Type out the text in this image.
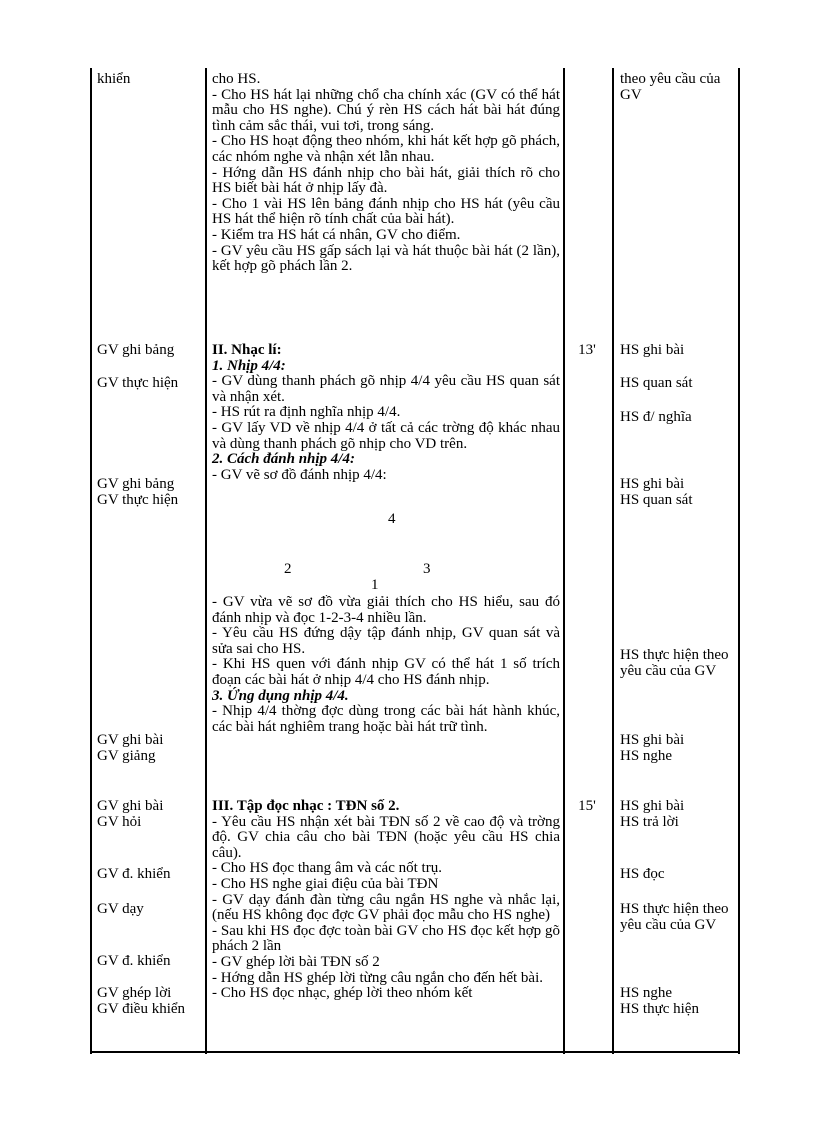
khiển
GV ghi bảng
GV thực hiện
GV ghi bảng
GV thực hiện
GV ghi bài
GV giảng
GV ghi bài
GV hỏi
GV đ. khiển
GV dạy
GV đ. khiển
GV ghép lời
GV điều khiển
cho HS.
- Cho HS hát lại những chổ cha chính xác (GV có thể hát mẫu cho HS nghe). Chú ý rèn HS cách hát bài hát đúng tình cảm sắc thái, vui tơi, trong sáng.
- Cho HS hoạt động theo nhóm, khi hát kết hợp gõ phách, các nhóm nghe và nhận xét lẫn nhau.
- Hớng dẫn HS đánh nhịp cho bài hát, giải thích rõ cho HS biết bài hát ở nhịp lấy đà.
- Cho 1 vài HS lên bảng đánh nhịp cho HS hát (yêu cầu HS hát thể hiện rõ tính chất của bài hát).
- Kiểm tra HS hát cá nhân, GV cho điểm.
- GV yêu cầu HS gấp sách lại và hát thuộc bài hát (2 lần), kết hợp gõ phách lần 2.
II. Nhạc lí:
1. Nhịp 4/4:
- GV dùng thanh phách gõ nhịp 4/4 yêu cầu HS quan sát và nhận xét.
- HS rút ra định nghĩa nhịp 4/4.
- GV lấy VD về nhịp 4/4 ở tất cả các trờng độ khác nhau và dùng thanh phách gõ nhịp cho VD trên.
2. Cách đánh nhịp 4/4:
- GV vẽ sơ đồ đánh nhịp 4/4:
4
2	3
1
- GV vừa vẽ sơ đồ vừa giải thích cho HS hiểu, sau đó đánh nhịp và đọc 1-2-3-4 nhiều lần.
- Yêu cầu HS đứng dậy tập đánh nhịp, GV quan sát và sửa sai cho HS.
- Khi HS quen với đánh nhịp GV có thể hát 1 số trích đoạn các bài hát ở nhịp 4/4 cho HS đánh nhịp.
3. Ứng dụng nhịp 4/4.
- Nhịp 4/4 thờng đợc dùng trong các bài hát hành khúc, các bài hát nghiêm trang hoặc bài hát trữ tình.
III. Tập đọc nhạc : TĐN số 2.
- Yêu cầu HS nhận xét bài TĐN số 2 về cao độ và trờng độ. GV chia câu cho bài TĐN (hoặc yêu cầu HS chia câu).
- Cho HS đọc thang âm và các nốt trụ.
- Cho HS nghe giai điệu của bài TĐN
- GV dạy đánh đàn từng câu ngắn HS nghe và nhắc lại, (nếu HS không đọc đợc GV phải đọc mẫu cho HS nghe)
- Sau khi HS đọc đợc toàn bài GV cho HS đọc kết hợp gõ phách 2 lần
- GV ghép lời bài TĐN số 2
- Hớng dẫn HS ghép lời từng câu ngắn cho đến hết bài.
- Cho HS đọc nhạc, ghép lời theo nhóm kết
13'
15'
theo yêu cầu của GV
HS ghi bài
HS quan sát
HS đ/ nghĩa
HS ghi bài
HS quan sát
HS thực hiện theo yêu cầu của GV
HS ghi bài
HS nghe
HS ghi bài
HS trả lời
HS đọc
HS thực hiện theo yêu cầu của GV
HS nghe
HS thực hiện
